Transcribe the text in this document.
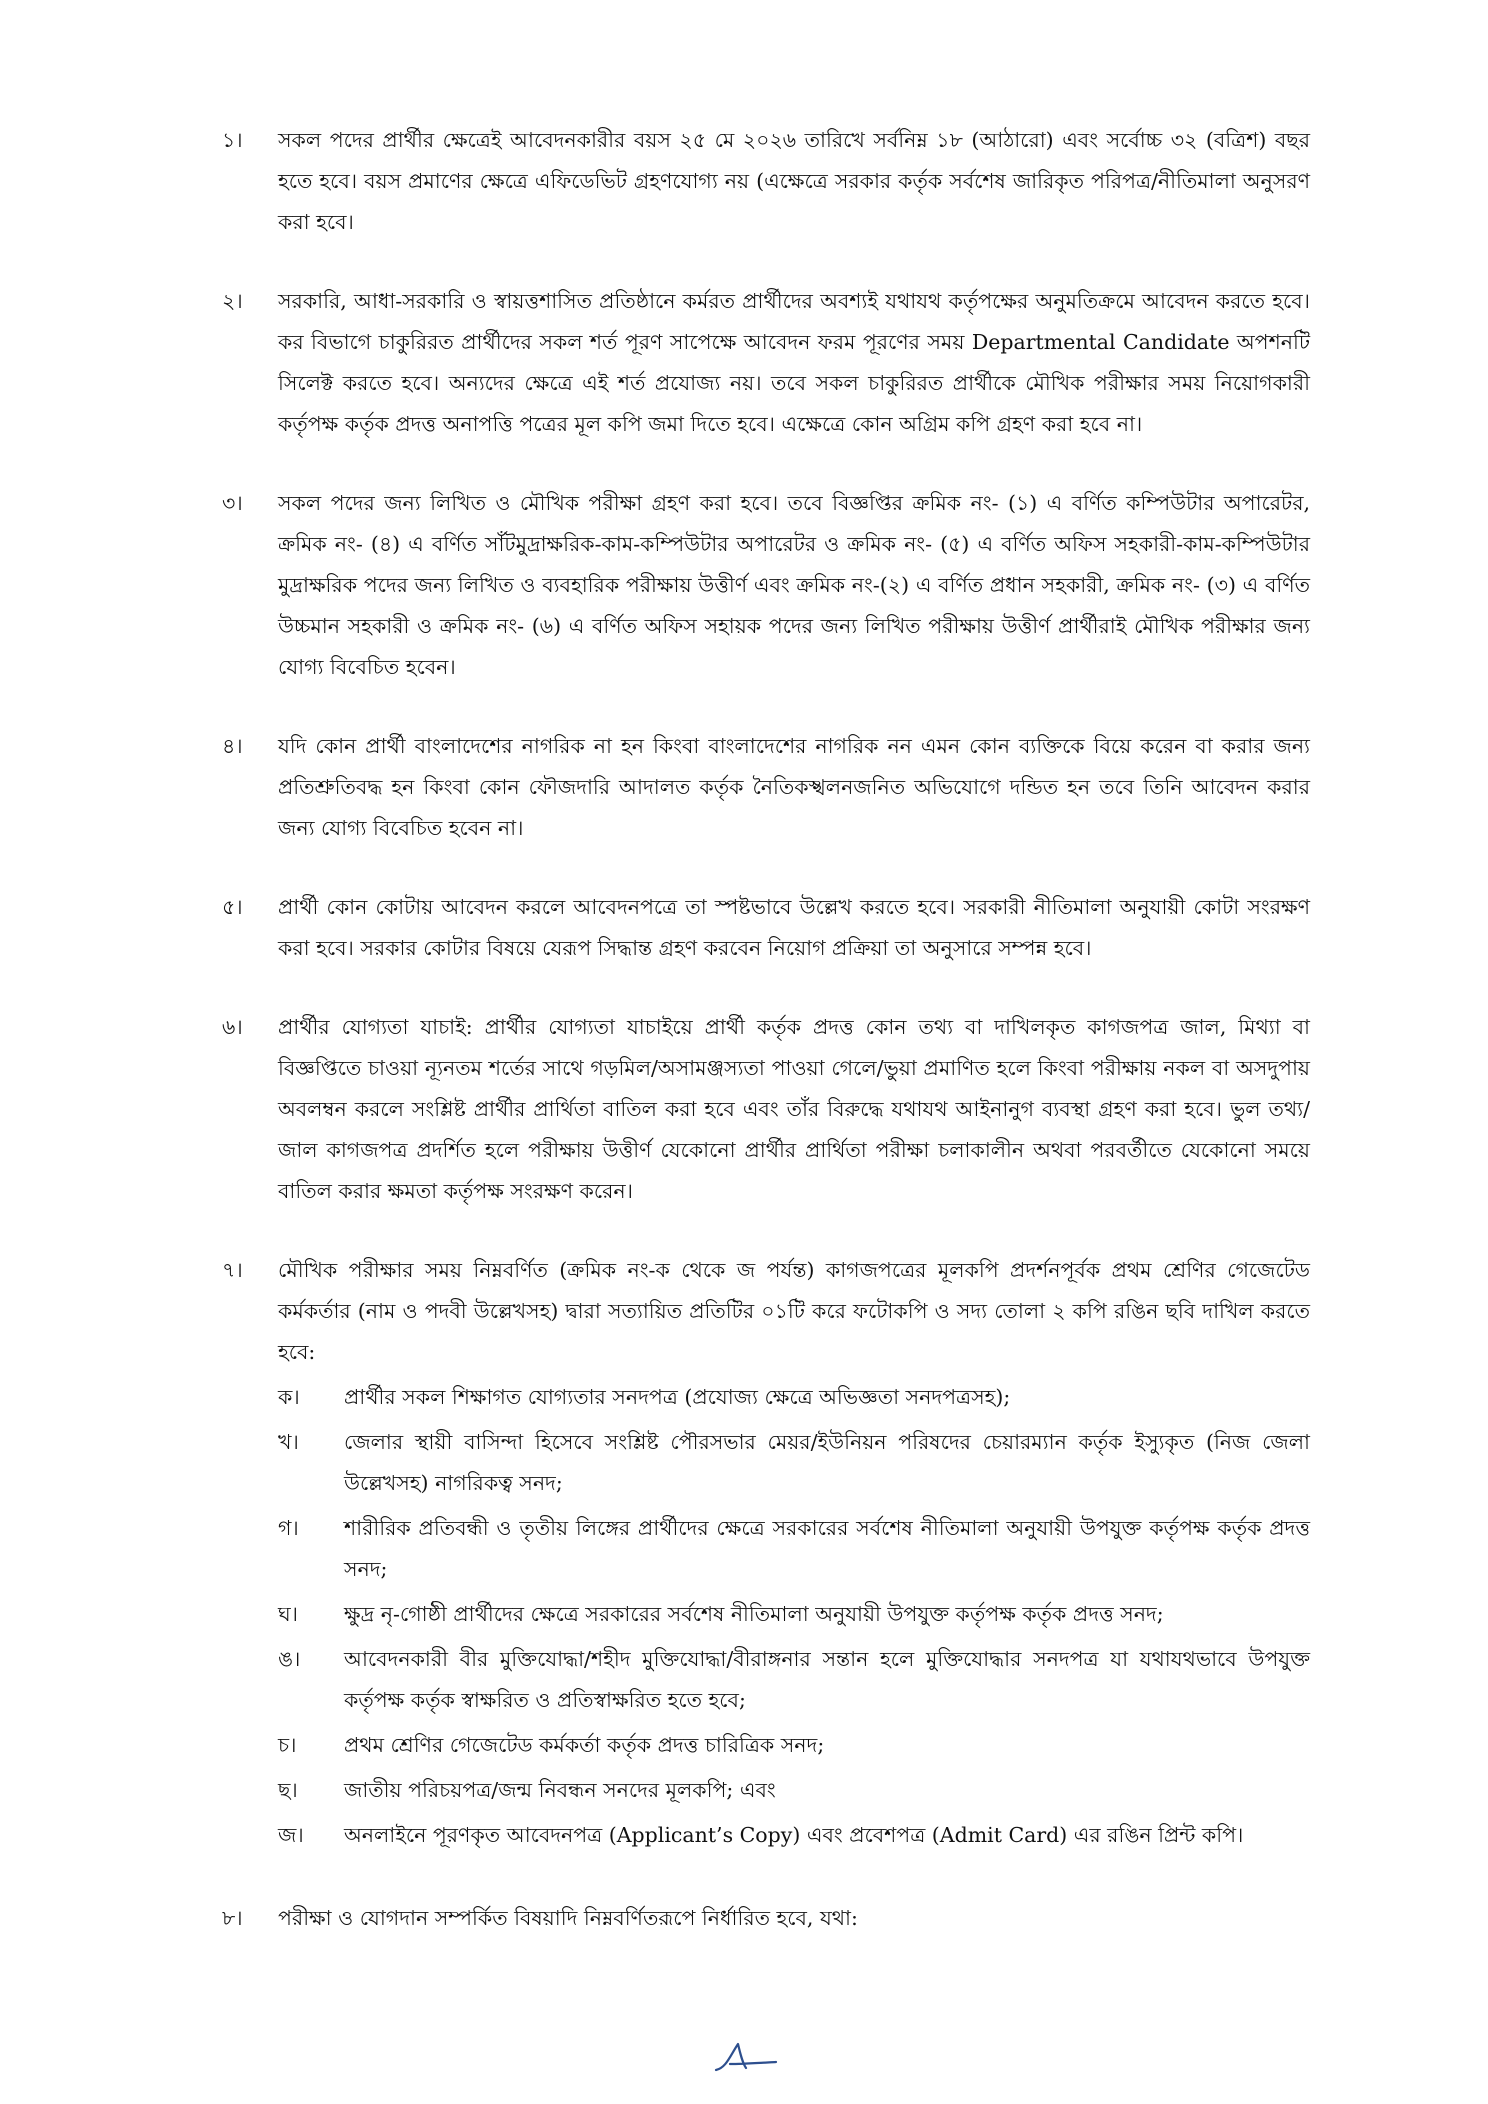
১।	সকল পদের প্রার্থীর ক্ষেত্রেই আবেদনকারীর বয়স ২৫ মে ২০২৬ তারিখে সর্বনিম্ন ১৮ (আঠারো) এবং সর্বোচ্চ ৩২ (বত্রিশ) বছর হতে হবে। বয়স প্রমাণের ক্ষেত্রে এফিডেভিট গ্রহণযোগ্য নয় (এক্ষেত্রে সরকার কর্তৃক সর্বশেষ জারিকৃত পরিপত্র/নীতিমালা অনুসরণ করা হবে।
২।	সরকারি, আধা-সরকারি ও স্বায়ত্তশাসিত প্রতিষ্ঠানে কর্মরত প্রার্থীদের অবশ্যই যথাযথ কর্তৃপক্ষের অনুমতিক্রমে আবেদন করতে হবে। কর বিভাগে চাকুরিরত প্রার্থীদের সকল শর্ত পূরণ সাপেক্ষে আবেদন ফরম পূরণের সময় Departmental Candidate অপশনটি সিলেক্ট করতে হবে। অন্যদের ক্ষেত্রে এই শর্ত প্রযোজ্য নয়। তবে সকল চাকুরিরত প্রার্থীকে মৌখিক পরীক্ষার সময় নিয়োগকারী কর্তৃপক্ষ কর্তৃক প্রদত্ত অনাপত্তি পত্রের মূল কপি জমা দিতে হবে। এক্ষেত্রে কোন অগ্রিম কপি গ্রহণ করা হবে না।
৩।	সকল পদের জন্য লিখিত ও মৌখিক পরীক্ষা গ্রহণ করা হবে। তবে বিজ্ঞপ্তির ক্রমিক নং- (১) এ বর্ণিত কম্পিউটার অপারেটর, ক্রমিক নং- (৪) এ বর্ণিত সাঁটমুদ্রাক্ষরিক-কাম-কম্পিউটার অপারেটর ও ক্রমিক নং- (৫) এ বর্ণিত অফিস সহকারী-কাম-কম্পিউটার মুদ্রাক্ষরিক পদের জন্য লিখিত ও ব্যবহারিক পরীক্ষায় উত্তীর্ণ এবং ক্রমিক নং-(২) এ বর্ণিত প্রধান সহকারী, ক্রমিক নং- (৩) এ বর্ণিত উচ্চমান সহকারী ও ক্রমিক নং- (৬) এ বর্ণিত অফিস সহায়ক পদের জন্য লিখিত পরীক্ষায় উত্তীর্ণ প্রার্থীরাই মৌখিক পরীক্ষার জন্য যোগ্য বিবেচিত হবেন।
৪।	যদি কোন প্রার্থী বাংলাদেশের নাগরিক না হন কিংবা বাংলাদেশের নাগরিক নন এমন কোন ব্যক্তিকে বিয়ে করেন বা করার জন্য প্রতিশ্রুতিবদ্ধ হন কিংবা কোন ফৌজদারি আদালত কর্তৃক নৈতিকস্খলনজনিত অভিযোগে দন্ডিত হন তবে তিনি আবেদন করার জন্য যোগ্য বিবেচিত হবেন না।
৫।	প্রার্থী কোন কোটায় আবেদন করলে আবেদনপত্রে তা স্পষ্টভাবে উল্লেখ করতে হবে। সরকারী নীতিমালা অনুযায়ী কোটা সংরক্ষণ করা হবে। সরকার কোটার বিষয়ে যেরূপ সিদ্ধান্ত গ্রহণ করবেন নিয়োগ প্রক্রিয়া তা অনুসারে সম্পন্ন হবে।
৬।	প্রার্থীর যোগ্যতা যাচাই: প্রার্থীর যোগ্যতা যাচাইয়ে প্রার্থী কর্তৃক প্রদত্ত কোন তথ্য বা দাখিলকৃত কাগজপত্র জাল, মিথ্যা বা বিজ্ঞপ্তিতে চাওয়া ন্যূনতম শর্তের সাথে গড়মিল/অসামঞ্জস্যতা পাওয়া গেলে/ভুয়া প্রমাণিত হলে কিংবা পরীক্ষায় নকল বা অসদুপায় অবলম্বন করলে সংশ্লিষ্ট প্রার্থীর প্রার্থিতা বাতিল করা হবে এবং তাঁর বিরুদ্ধে যথাযথ আইনানুগ ব্যবস্থা গ্রহণ করা হবে। ভুল তথ্য/জাল কাগজপত্র প্রদর্শিত হলে পরীক্ষায় উত্তীর্ণ যেকোনো প্রার্থীর প্রার্থিতা পরীক্ষা চলাকালীন অথবা পরবর্তীতে যেকোনো সময়ে বাতিল করার ক্ষমতা কর্তৃপক্ষ সংরক্ষণ করেন।
৭।	মৌখিক পরীক্ষার সময় নিম্নবর্ণিত (ক্রমিক নং-ক থেকে জ পর্যন্ত) কাগজপত্রের মূলকপি প্রদর্শনপূর্বক প্রথম শ্রেণির গেজেটেড কর্মকর্তার (নাম ও পদবী উল্লেখসহ) দ্বারা সত্যায়িত প্রতিটির ০১টি করে ফটোকপি ও সদ্য তোলা ২ কপি রঙিন ছবি দাখিল করতে হবে:
ক।	প্রার্থীর সকল শিক্ষাগত যোগ্যতার সনদপত্র (প্রযোজ্য ক্ষেত্রে অভিজ্ঞতা সনদপত্রসহ);
খ।	জেলার স্থায়ী বাসিন্দা হিসেবে সংশ্লিষ্ট পৌরসভার মেয়র/ইউনিয়ন পরিষদের চেয়ারম্যান কর্তৃক ইস্যুকৃত (নিজ জেলা উল্লেখসহ) নাগরিকত্ব সনদ;
গ।	শারীরিক প্রতিবন্ধী ও তৃতীয় লিঙ্গের প্রার্থীদের ক্ষেত্রে সরকারের সর্বশেষ নীতিমালা অনুযায়ী উপযুক্ত কর্তৃপক্ষ কর্তৃক প্রদত্ত সনদ;
ঘ।	ক্ষুদ্র নৃ-গোষ্ঠী প্রার্থীদের ক্ষেত্রে সরকারের সর্বশেষ নীতিমালা অনুযায়ী উপযুক্ত কর্তৃপক্ষ কর্তৃক প্রদত্ত সনদ;
ঙ।	আবেদনকারী বীর মুক্তিযোদ্ধা/শহীদ মুক্তিযোদ্ধা/বীরাঙ্গনার সন্তান হলে মুক্তিযোদ্ধার সনদপত্র যা যথাযথভাবে উপযুক্ত কর্তৃপক্ষ কর্তৃক স্বাক্ষরিত ও প্রতিস্বাক্ষরিত হতে হবে;
চ।	প্রথম শ্রেণির গেজেটেড কর্মকর্তা কর্তৃক প্রদত্ত চারিত্রিক সনদ;
ছ।	জাতীয় পরিচয়পত্র/জন্ম নিবন্ধন সনদের মূলকপি; এবং
জ।	অনলাইনে পূরণকৃত আবেদনপত্র (Applicant’s Copy) এবং প্রবেশপত্র (Admit Card) এর রঙিন প্রিন্ট কপি।
৮।	পরীক্ষা ও যোগদান সম্পর্কিত বিষয়াদি নিম্নবর্ণিতরূপে নির্ধারিত হবে, যথা:
